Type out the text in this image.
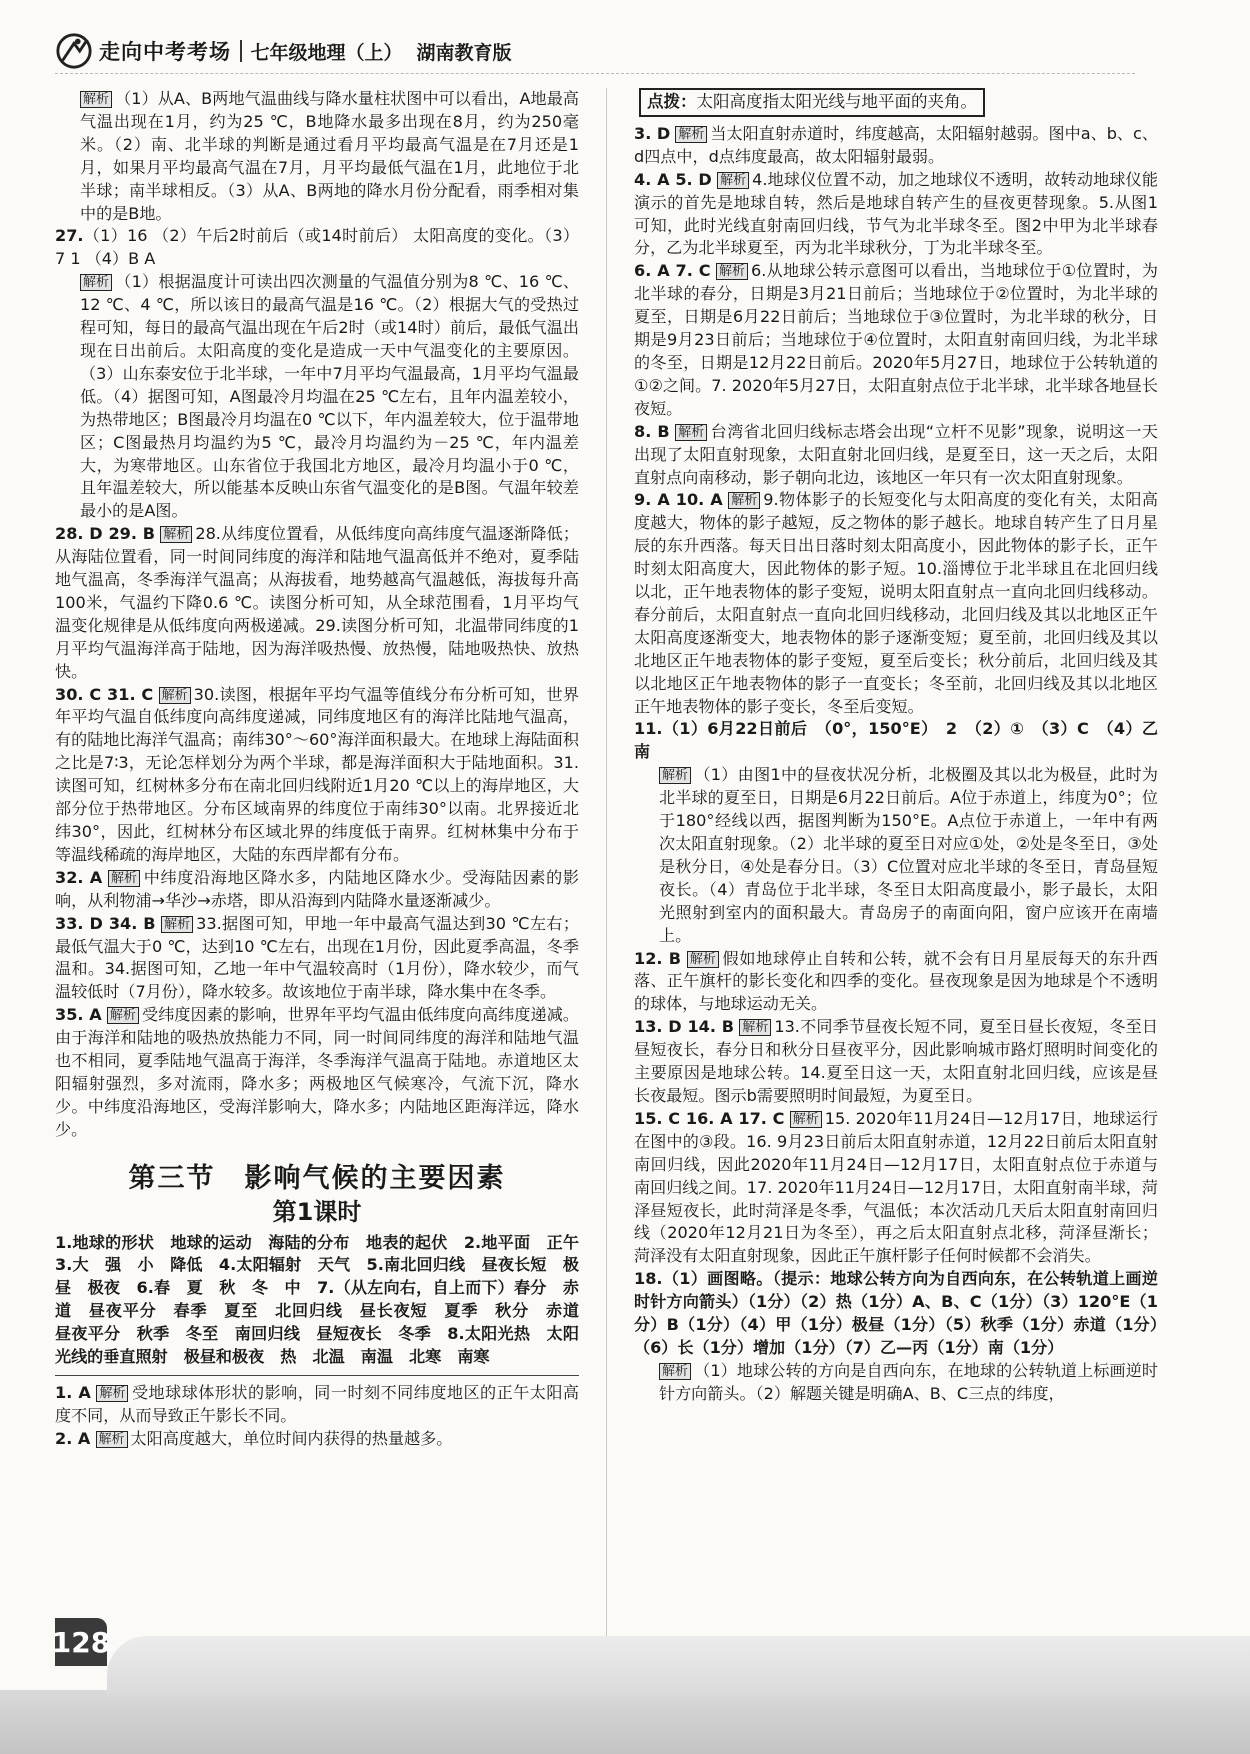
走向中考考场 七年级地理（上） 湖南教育版

解析 （1）从A、B两地气温曲线与降水量柱状图中可以看出，A地最高气温出现在1月，约为25 ℃，B地降水最多出现在8月，约为250毫米。（2）南、北半球的判断是通过看月平均最高气温是在7月还是1月，如果月平均最高气温在7月，月平均最低气温在1月，此地位于北半球；南半球相反。（3）从A、B两地的降水月份分配看，雨季相对集中的是B地。

27.（1）16 （2）午后2时前后（或14时前后） 太阳高度的变化。（3）7 1 （4）B A

解析 （1）根据温度计可读出四次测量的气温值分别为8 ℃、16 ℃、12 ℃、4 ℃，所以该日的最高气温是16 ℃。（2）根据大气的受热过程可知，每日的最高气温出现在午后2时（或14时）前后，最低气温出现在日出前后。太阳高度的变化是造成一天中气温变化的主要原因。（3）山东泰安位于北半球，一年中7月平均气温最高，1月平均气温最低。（4）据图可知，A图最冷月均温在25 ℃左右，且年内温差较小，为热带地区；B图最冷月均温在0 ℃以下，年内温差较大，位于温带地区；C图最热月均温约为5 ℃，最冷月均温约为－25 ℃，年内温差大，为寒带地区。山东省位于我国北方地区，最冷月均温小于0 ℃，且年温差较大，所以能基本反映山东省气温变化的是B图。气温年较差最小的是A图。

28. D 29. B 解析 28.从纬度位置看，从低纬度向高纬度气温逐渐降低；从海陆位置看，同一时间同纬度的海洋和陆地气温高低并不绝对，夏季陆地气温高，冬季海洋气温高；从海拔看，地势越高气温越低，海拔每升高100米，气温约下降0.6 ℃。读图分析可知，从全球范围看，1月平均气温变化规律是从低纬度向两极递减。29.读图分析可知，北温带同纬度的1月平均气温海洋高于陆地，因为海洋吸热慢、放热慢，陆地吸热快、放热快。

30. C 31. C 解析 30.读图，根据年平均气温等值线分布分析可知，世界年平均气温自低纬度向高纬度递减，同纬度地区有的海洋比陆地气温高，有的陆地比海洋气温高；南纬30°～60°海洋面积最大。在地球上海陆面积之比是7∶3，无论怎样划分为两个半球，都是海洋面积大于陆地面积。31.读图可知，红树林多分布在南北回归线附近1月20 ℃以上的海岸地区，大部分位于热带地区。分布区域南界的纬度位于南纬30°以南。北界接近北纬30°，因此，红树林分布区域北界的纬度低于南界。红树林集中分布于等温线稀疏的海岸地区，大陆的东西岸都有分布。

32. A 解析 中纬度沿海地区降水多，内陆地区降水少。受海陆因素的影响，从利物浦→华沙→赤塔，即从沿海到内陆降水量逐渐减少。

33. D 34. B 解析 33.据图可知，甲地一年中最高气温达到30 ℃左右；最低气温大于0 ℃，达到10 ℃左右，出现在1月份，因此夏季高温，冬季温和。34.据图可知，乙地一年中气温较高时（1月份），降水较少，而气温较低时（7月份），降水较多。故该地位于南半球，降水集中在冬季。

35. A 解析 受纬度因素的影响，世界年平均气温由低纬度向高纬度递减。由于海洋和陆地的吸热放热能力不同，同一时间同纬度的海洋和陆地气温也不相同，夏季陆地气温高于海洋，冬季海洋气温高于陆地。赤道地区太阳辐射强烈，多对流雨，降水多；两极地区气候寒冷，气流下沉，降水少。中纬度沿海地区，受海洋影响大，降水多；内陆地区距海洋远，降水少。

第三节　影响气候的主要因素
第1课时

1.地球的形状　地球的运动　海陆的分布　地表的起伏　2.地平面　正午　3.大　强　小　降低　4.太阳辐射　天气　5.南北回归线　昼夜长短　极昼　极夜　6.春　夏　秋　冬　中　7.（从左向右，自上而下）春分　赤道　昼夜平分　春季　夏至　北回归线　昼长夜短　夏季　秋分　赤道　昼夜平分　秋季　冬至　南回归线　昼短夜长　冬季　8.太阳光热　太阳光线的垂直照射　极昼和极夜　热　北温　南温　北寒　南寒

1. A 解析 受地球球体形状的影响，同一时刻不同纬度地区的正午太阳高度不同，从而导致正午影长不同。

2. A 解析 太阳高度越大，单位时间内获得的热量越多。

点拨：太阳高度指太阳光线与地平面的夹角。

3. D 解析 当太阳直射赤道时，纬度越高，太阳辐射越弱。图中a、b、c、d四点中，d点纬度最高，故太阳辐射最弱。

4. A 5. D 解析 4.地球仪位置不动，加之地球仪不透明，故转动地球仪能演示的首先是地球自转，然后是地球自转产生的昼夜更替现象。5.从图1可知，此时光线直射南回归线，节气为北半球冬至。图2中甲为北半球春分，乙为北半球夏至，丙为北半球秋分，丁为北半球冬至。

6. A 7. C 解析 6.从地球公转示意图可以看出，当地球位于①位置时，为北半球的春分，日期是3月21日前后；当地球位于②位置时，为北半球的夏至，日期是6月22日前后；当地球位于③位置时，为北半球的秋分，日期是9月23日前后；当地球位于④位置时，太阳直射南回归线，为北半球的冬至，日期是12月22日前后。2020年5月27日，地球位于公转轨道的①②之间。7. 2020年5月27日，太阳直射点位于北半球，北半球各地昼长夜短。

8. B 解析 台湾省北回归线标志塔会出现“立杆不见影”现象，说明这一天出现了太阳直射现象，太阳直射北回归线，是夏至日，这一天之后，太阳直射点向南移动，影子朝向北边，该地区一年只有一次太阳直射现象。

9. A 10. A 解析 9.物体影子的长短变化与太阳高度的变化有关，太阳高度越大，物体的影子越短，反之物体的影子越长。地球自转产生了日月星辰的东升西落。每天日出日落时刻太阳高度小，因此物体的影子长，正午时刻太阳高度大，因此物体的影子短。10.淄博位于北半球且在北回归线以北，正午地表物体的影子变短，说明太阳直射点一直向北回归线移动。春分前后，太阳直射点一直向北回归线移动，北回归线及其以北地区正午太阳高度逐渐变大，地表物体的影子逐渐变短；夏至前，北回归线及其以北地区正午地表物体的影子变短，夏至后变长；秋分前后，北回归线及其以北地区正午地表物体的影子一直变长；冬至前，北回归线及其以北地区正午地表物体的影子变长，冬至后变短。

11.（1）6月22日前后　（0°，150°E）　2　（2）①　（3）C　（4）乙　南

解析 （1）由图1中的昼夜状况分析，北极圈及其以北为极昼，此时为北半球的夏至日，日期是6月22日前后。A位于赤道上，纬度为0°；位于180°经线以西，据图判断为150°E。A点位于赤道上，一年中有两次太阳直射现象。（2）北半球的夏至日对应①处，②处是冬至日，③处是秋分日，④处是春分日。（3）C位置对应北半球的冬至日，青岛昼短夜长。（4）青岛位于北半球，冬至日太阳高度最小，影子最长，太阳光照射到室内的面积最大。青岛房子的南面向阳，窗户应该开在南墙上。

12. B 解析 假如地球停止自转和公转，就不会有日月星辰每天的东升西落、正午旗杆的影长变化和四季的变化。昼夜现象是因为地球是个不透明的球体，与地球运动无关。

13. D 14. B 解析 13.不同季节昼夜长短不同，夏至日昼长夜短，冬至日昼短夜长，春分日和秋分日昼夜平分，因此影响城市路灯照明时间变化的主要原因是地球公转。14.夏至日这一天，太阳直射北回归线，应该是昼长夜最短。图示b需要照明时间最短，为夏至日。

15. C 16. A 17. C 解析 15. 2020年11月24日—12月17日，地球运行在图中的③段。16. 9月23日前后太阳直射赤道，12月22日前后太阳直射南回归线，因此2020年11月24日—12月17日，太阳直射点位于赤道与南回归线之间。17. 2020年11月24日—12月17日，太阳直射南半球，菏泽昼短夜长，此时菏泽是冬季，气温低；本次活动几天后太阳直射南回归线（2020年12月21日为冬至），再之后太阳直射点北移，菏泽昼渐长；菏泽没有太阳直射现象，因此正午旗杆影子任何时候都不会消失。

18.（1）画图略。（提示：地球公转方向为自西向东，在公转轨道上画逆时针方向箭头）（1分）（2）热（1分）A、B、C（1分）（3）120°E（1分）B（1分）（4）甲（1分）极昼（1分）（5）秋季（1分）赤道（1分）（6）长（1分）增加（1分）（7）乙—丙（1分）南（1分）

解析 （1）地球公转的方向是自西向东，在地球的公转轨道上标画逆时针方向箭头。（2）解题关键是明确A、B、C三点的纬度，

128
